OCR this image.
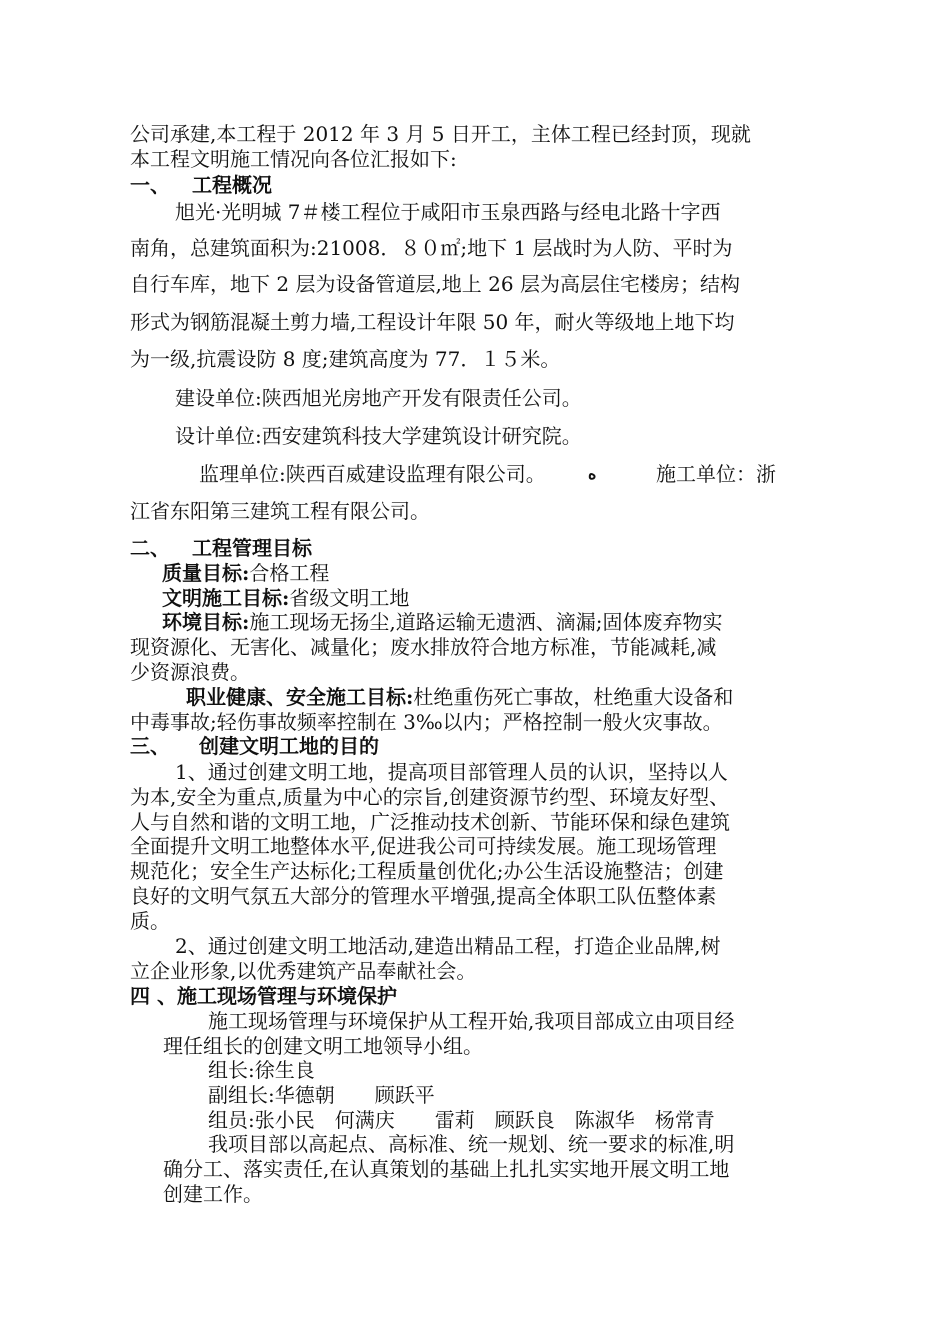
公司承建,本工程于 2012 年 3 月 5 日开工，主体工程已经封顶，现就
本工程文明施工情况向各位汇报如下:
一、 工程概况
旭光·光明城 7＃楼工程位于咸阳市玉泉西路与经电北路十字西
南角，总建筑面积为:21008．８０㎡;地下 1 层战时为人防、平时为
自行车库，地下 2 层为设备管道层,地上 26 层为高层住宅楼房；结构
形式为钢筋混凝土剪力墙,工程设计年限 50 年，耐火等级地上地下均
为一级,抗震设防 8 度;建筑高度为 77．１５米。
建设单位:陕西旭光房地产开发有限责任公司。
设计单位:西安建筑科技大学建筑设计研究院。
监理单位:陕西百威建设监理有限公司。	ه	施工单位：浙
江省东阳第三建筑工程有限公司。
二、 工程管理目标
质量目标:合格工程
文明施工目标:省级文明工地
环境目标:施工现场无扬尘,道路运输无遗洒、滴漏;固体废弃物实
现资源化、无害化、减量化；废水排放符合地方标准，节能减耗,减
少资源浪费。
职业健康、安全施工目标:杜绝重伤死亡事故，杜绝重大设备和
中毒事故;轻伤事故频率控制在 3‰以内；严格控制一般火灾事故。
三、 创建文明工地的目的
1、通过创建文明工地，提高项目部管理人员的认识，坚持以人
为本,安全为重点,质量为中心的宗旨,创建资源节约型、环境友好型、
人与自然和谐的文明工地，广泛推动技术创新、节能环保和绿色建筑
全面提升文明工地整体水平,促进我公司可持续发展。施工现场管理
规范化；安全生产达标化;工程质量创优化;办公生活设施整洁；创建
良好的文明气氛五大部分的管理水平增强,提高全体职工队伍整体素
质。
2、通过创建文明工地活动,建造出精品工程，打造企业品牌,树
立企业形象,以优秀建筑产品奉献社会。
四 、施工现场管理与环境保护
施工现场管理与环境保护从工程开始,我项目部成立由项目经
理任组长的创建文明工地领导小组。
组长:徐生良
副组长:华德朝　　顾跃平
组员:张小民　何满庆　　雷莉　顾跃良　陈淑华　杨常青
我项目部以高起点、高标准、统一规划、统一要求的标准,明
确分工、落实责任,在认真策划的基础上扎扎实实地开展文明工地
创建工作。
